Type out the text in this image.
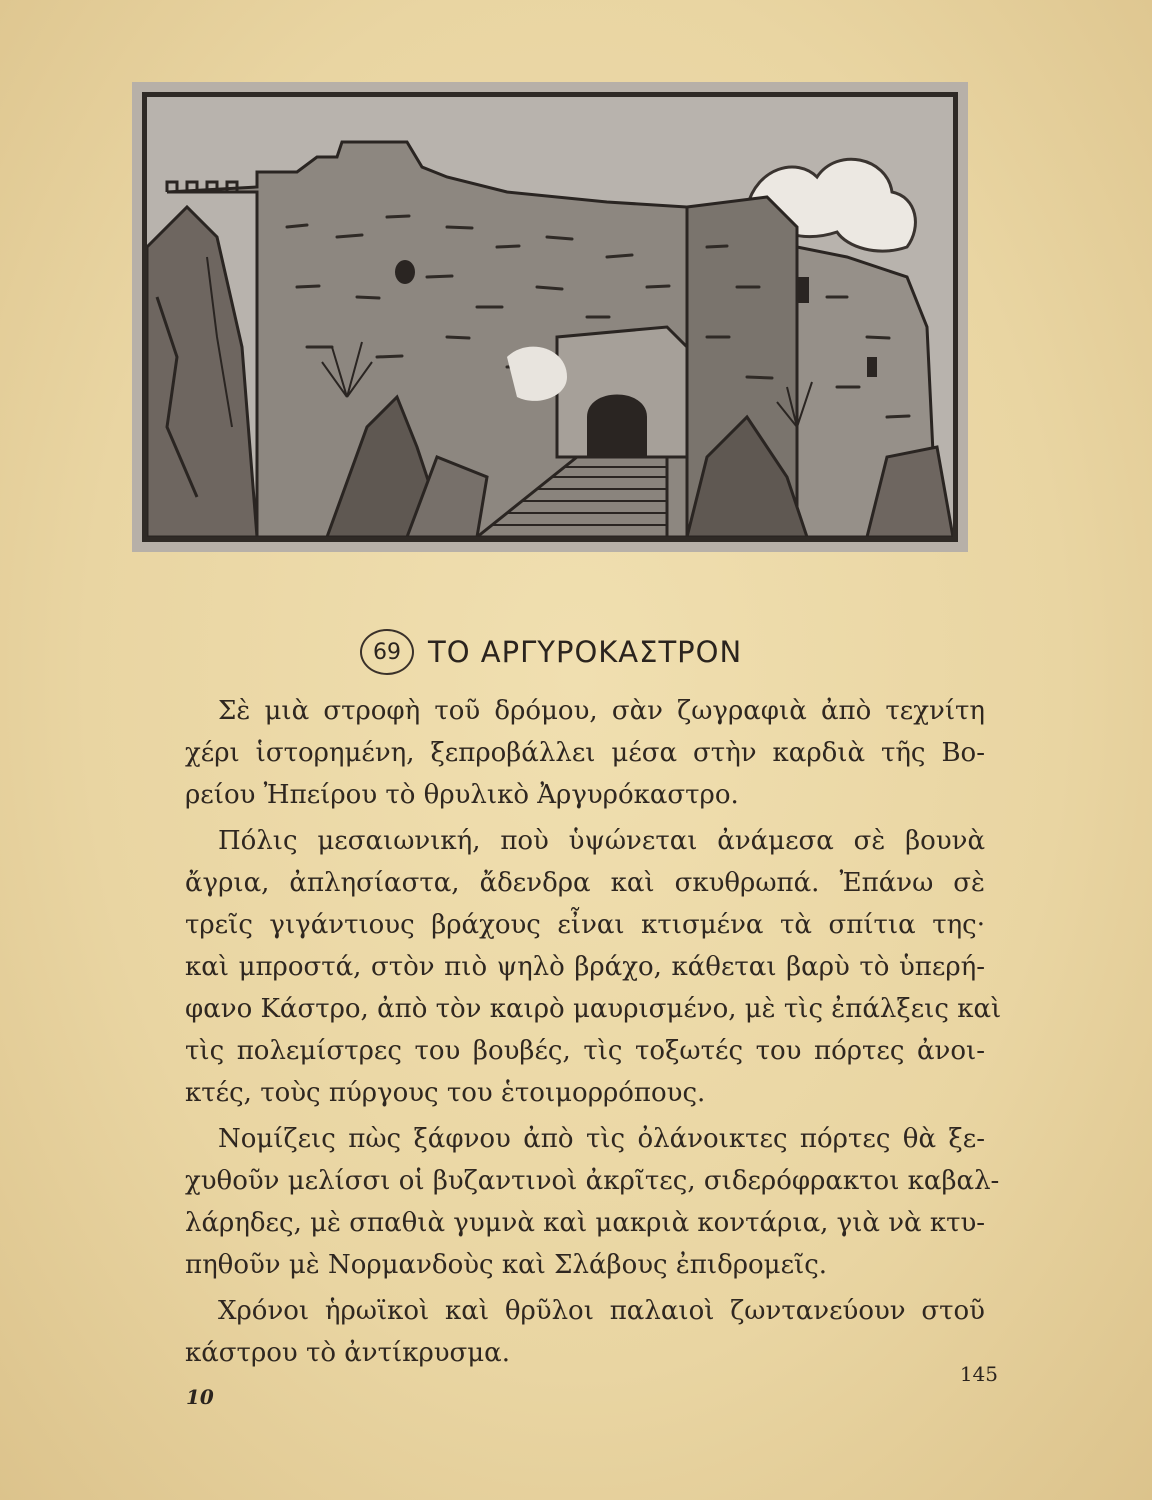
69 ΤΟ ΑΡΓΥΡΟΚΑΣΤΡΟΝ

Σὲ μιὰ στροφὴ τοῦ δρόμου, σὰν ζωγραφιὰ ἀπὸ τεχνίτη
χέρι ἱστορημένη, ξεπροβάλλει μέσα στὴν καρδιὰ τῆς Βο-
ρείου Ἠπείρου τὸ θρυλικὸ Ἀργυρόκαστρο.

Πόλις μεσαιωνική, ποὺ ὑψώνεται ἀνάμεσα σὲ βουνὰ
ἄγρια, ἀπλησίαστα, ἄδενδρα καὶ σκυθρωπά. Ἐπάνω σὲ
τρεῖς γιγάντιους βράχους εἶναι κτισμένα τὰ σπίτια της·
καὶ μπροστά, στὸν πιὸ ψηλὸ βράχο, κάθεται βαρὺ τὸ ὑπερή-
φανο Κάστρο, ἀπὸ τὸν καιρὸ μαυρισμένο, μὲ τὶς ἐπάλξεις καὶ
τὶς πολεμίστρες του βουβές, τὶς τοξωτές του πόρτες ἀνοι-
κτές, τοὺς πύργους του ἑτοιμορρόπους.

Νομίζεις πὼς ξάφνου ἀπὸ τὶς ὀλάνοικτες πόρτες θὰ ξε-
χυθοῦν μελίσσι οἱ βυζαντινοὶ ἀκρῖτες, σιδερόφρακτοι καβαλ-
λάρηδες, μὲ σπαθιὰ γυμνὰ καὶ μακριὰ κοντάρια, γιὰ νὰ κτυ-
πηθοῦν μὲ Νορμανδοὺς καὶ Σλάβους ἐπιδρομεῖς.

Χρόνοι ἡρωϊκοὶ καὶ θρῦλοι παλαιοὶ ζωντανεύουν στοῦ
κάστρου τὸ ἀντίκρυσμα.

145
10
